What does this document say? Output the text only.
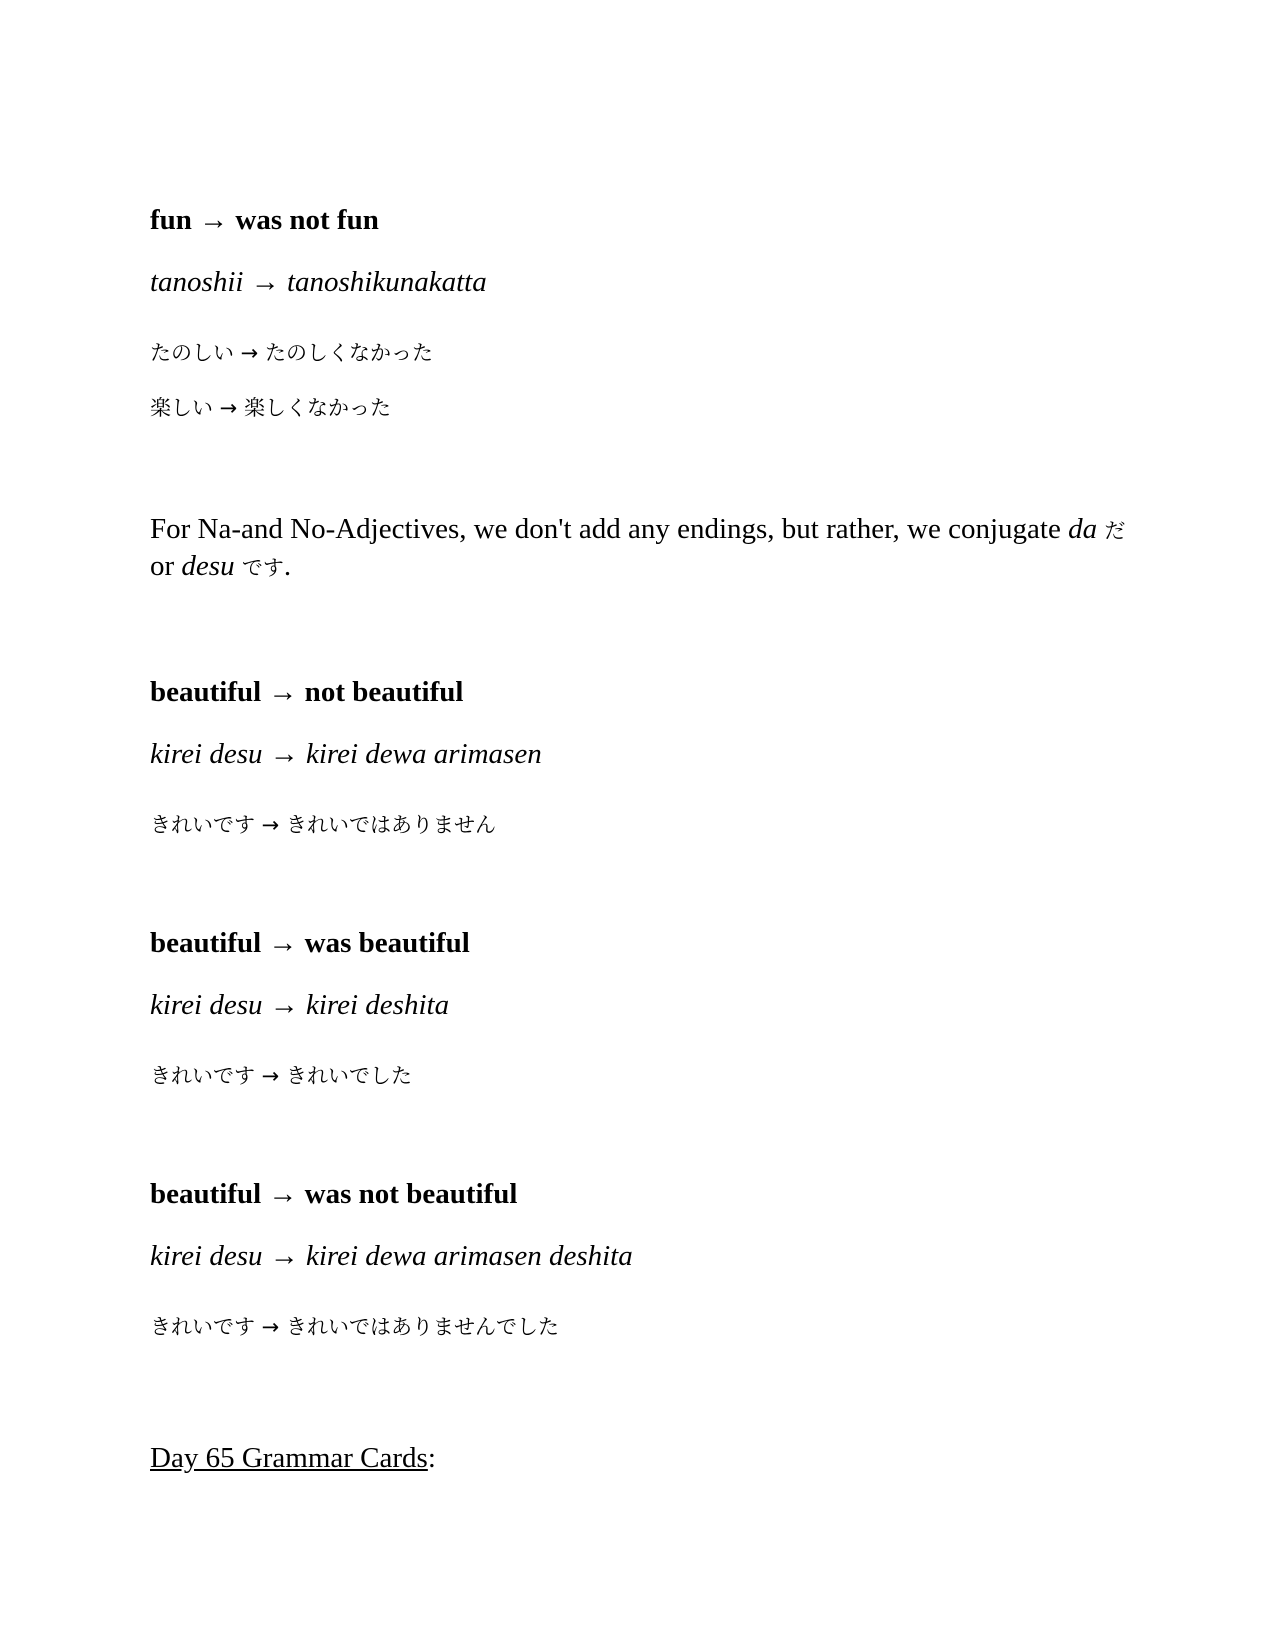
fun → was not fun
tanoshii → tanoshikunakatta
たのしい → たのしくなかった
楽しい → 楽しくなかった
For Na-and No-Adjectives, we don't add any endings, but rather, we conjugate da だ or desu です.
beautiful → not beautiful
kirei desu → kirei dewa arimasen
きれいです → きれいではありません
beautiful → was beautiful
kirei desu → kirei deshita
きれいです → きれいでした
beautiful → was not beautiful
kirei desu → kirei dewa arimasen deshita
きれいです → きれいではありませんでした
Day 65 Grammar Cards:
